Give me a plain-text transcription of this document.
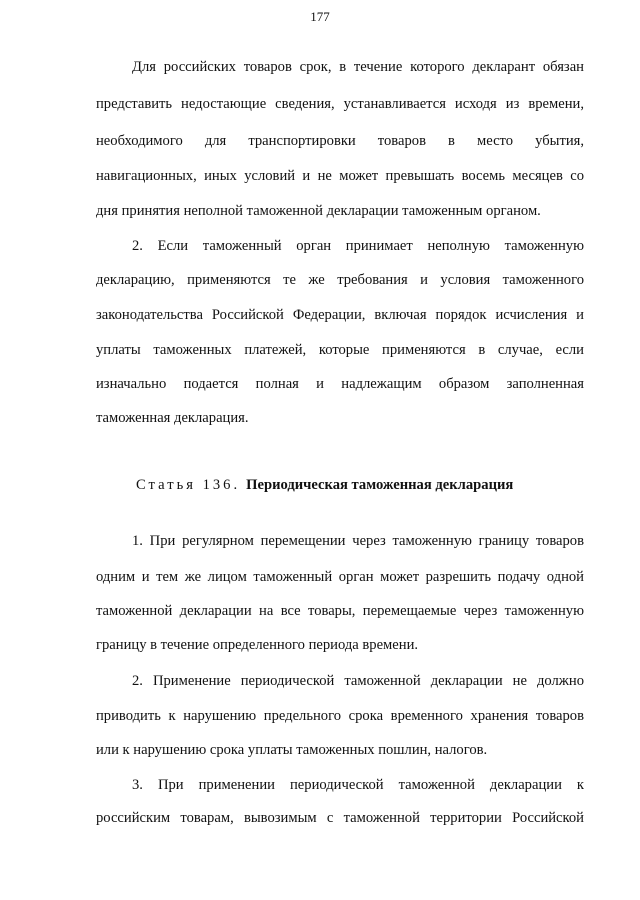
177
Для российских товаров срок, в течение которого декларант обязан
представить недостающие сведения, устанавливается исходя из времени,
необходимого для транспортировки товаров в место убытия,
навигационных, иных условий и не может превышать восемь месяцев со
дня принятия неполной таможенной декларации таможенным органом.
2. Если таможенный орган принимает неполную таможенную
декларацию, применяются те же требования и условия таможенного
законодательства Российской Федерации, включая порядок исчисления и
уплаты таможенных платежей, которые применяются в случае, если
изначально подается полная и надлежащим образом заполненная
таможенная декларация.
Статья 136. Периодическая таможенная декларация
1. При регулярном перемещении через таможенную границу товаров
одним и тем же лицом таможенный орган может разрешить подачу одной
таможенной декларации на все товары, перемещаемые через таможенную
границу в течение определенного периода времени.
2. Применение периодической таможенной декларации не должно
приводить к нарушению предельного срока временного хранения товаров
или к нарушению срока уплаты таможенных пошлин, налогов.
3. При применении периодической таможенной декларации к
российским товарам, вывозимым с таможенной территории Российской
